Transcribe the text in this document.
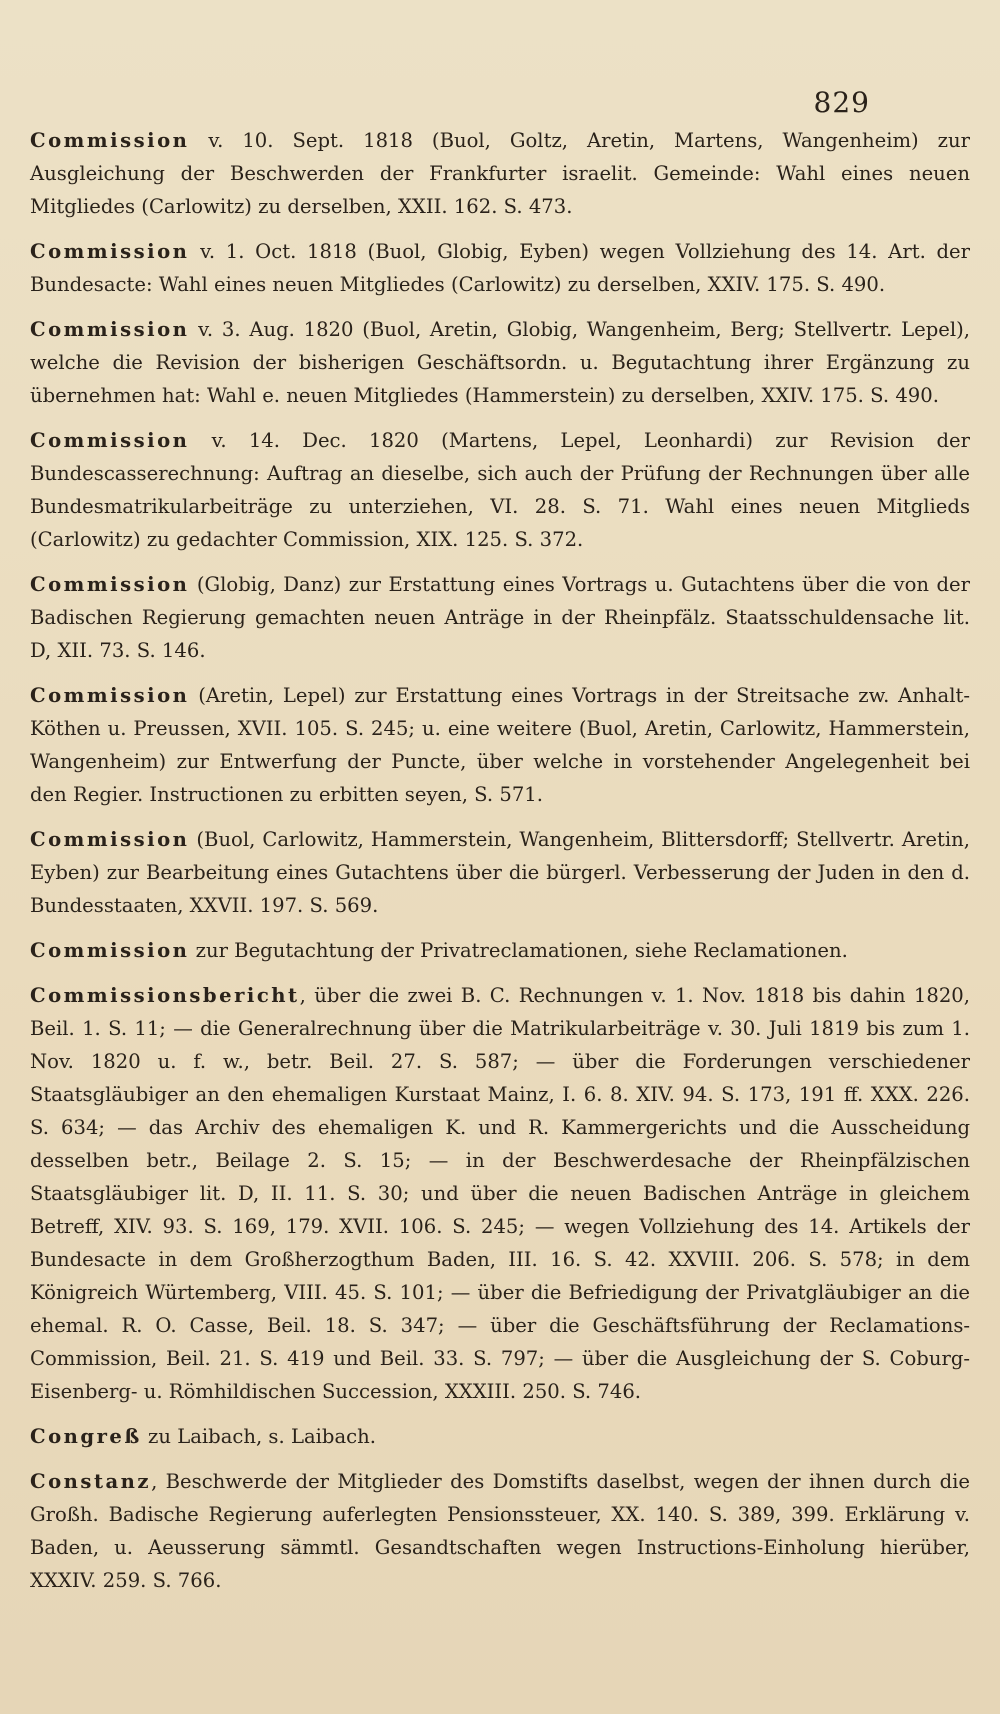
829

Commission v. 10. Sept. 1818 (Buol, Goltz, Aretin, Martens, Wangenheim) zur Ausgleichung der Beschwerden der Frankfurter israelit. Gemeinde: Wahl eines neuen Mitgliedes (Carlowitz) zu derselben, XXII. 162. S. 473.

Commission v. 1. Oct. 1818 (Buol, Globig, Eyben) wegen Vollziehung des 14. Art. der Bundesacte: Wahl eines neuen Mitgliedes (Carlowitz) zu derselben, XXIV. 175. S. 490.

Commission v. 3. Aug. 1820 (Buol, Aretin, Globig, Wangenheim, Berg; Stellvertr. Lepel), welche die Revision der bisherigen Geschäftsordn. u. Begutachtung ihrer Ergänzung zu übernehmen hat: Wahl e. neuen Mitgliedes (Hammerstein) zu derselben, XXIV. 175. S. 490.

Commission v. 14. Dec. 1820 (Martens, Lepel, Leonhardi) zur Revision der Bundescasserechnung: Auftrag an dieselbe, sich auch der Prüfung der Rechnungen über alle Bundesmatrikularbeiträge zu unterziehen, VI. 28. S. 71. Wahl eines neuen Mitglieds (Carlowitz) zu gedachter Commission, XIX. 125. S. 372.

Commission (Globig, Danz) zur Erstattung eines Vortrags u. Gutachtens über die von der Badischen Regierung gemachten neuen Anträge in der Rheinpfälz. Staatsschuldensache lit. D, XII. 73. S. 146.

Commission (Aretin, Lepel) zur Erstattung eines Vortrags in der Streitsache zw. Anhalt-Köthen u. Preussen, XVII. 105. S. 245; u. eine weitere (Buol, Aretin, Carlowitz, Hammerstein, Wangenheim) zur Entwerfung der Puncte, über welche in vorstehender Angelegenheit bei den Regier. Instructionen zu erbitten seyen, S. 571.

Commission (Buol, Carlowitz, Hammerstein, Wangenheim, Blittersdorff; Stellvertr. Aretin, Eyben) zur Bearbeitung eines Gutachtens über die bürgerl. Verbesserung der Juden in den d. Bundesstaaten, XXVII. 197. S. 569.

Commission zur Begutachtung der Privatreclamationen, siehe Reclamationen.

Commissionsbericht, über die zwei B. C. Rechnungen v. 1. Nov. 1818 bis dahin 1820, Beil. 1. S. 11; — die Generalrechnung über die Matrikularbeiträge v. 30. Juli 1819 bis zum 1. Nov. 1820 u. f. w., betr. Beil. 27. S. 587; — über die Forderungen verschiedener Staatsgläubiger an den ehemaligen Kurstaat Mainz, I. 6. 8. XIV. 94. S. 173, 191 ff. XXX. 226. S. 634; — das Archiv des ehemaligen K. und R. Kammergerichts und die Ausscheidung desselben betr., Beilage 2. S. 15; — in der Beschwerdesache der Rheinpfälzischen Staatsgläubiger lit. D, II. 11. S. 30; und über die neuen Badischen Anträge in gleichem Betreff, XIV. 93. S. 169, 179. XVII. 106. S. 245; — wegen Vollziehung des 14. Artikels der Bundesacte in dem Großherzogthum Baden, III. 16. S. 42. XXVIII. 206. S. 578; in dem Königreich Würtemberg, VIII. 45. S. 101; — über die Befriedigung der Privatgläubiger an die ehemal. R. O. Casse, Beil. 18. S. 347; — über die Geschäftsführung der Reclamations-Commission, Beil. 21. S. 419 und Beil. 33. S. 797; — über die Ausgleichung der S. Coburg-Eisenberg- u. Römhildischen Succession, XXXIII. 250. S. 746.

Congreß zu Laibach, s. Laibach.

Constanz, Beschwerde der Mitglieder des Domstifts daselbst, wegen der ihnen durch die Großh. Badische Regierung auferlegten Pensionssteuer, XX. 140. S. 389, 399. Erklärung v. Baden, u. Aeusserung sämmtl. Gesandtschaften wegen Instructions-Einholung hierüber, XXXIV. 259. S. 766.
